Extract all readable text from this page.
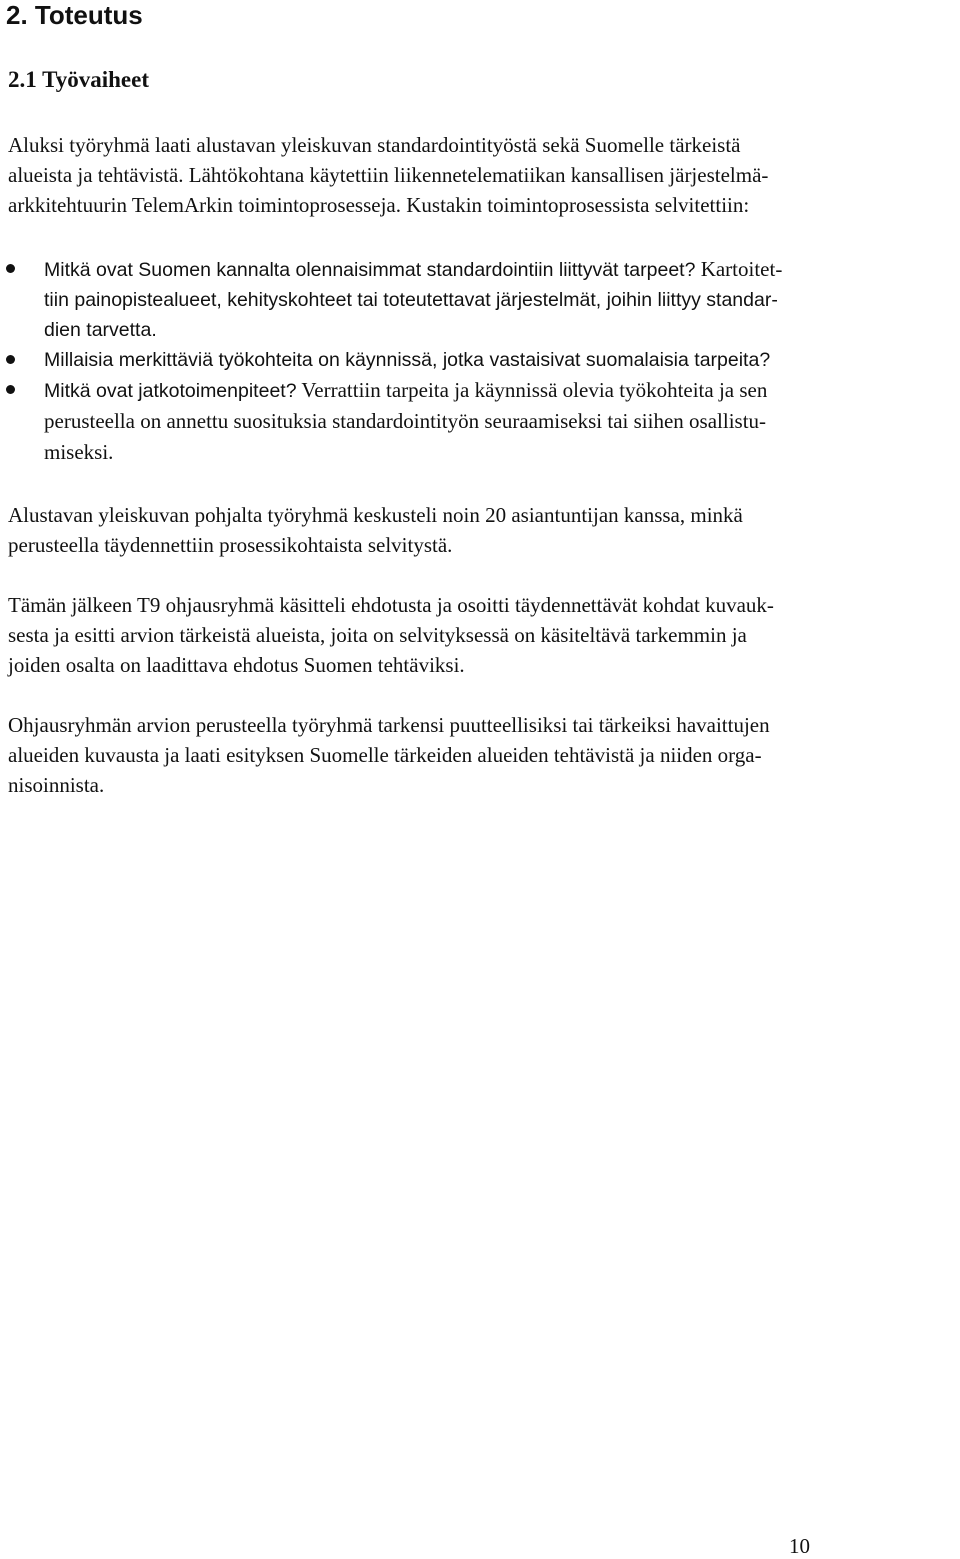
2. Toteutus
2.1 Työvaiheet

Aluksi työryhmä laati alustavan yleiskuvan standardointityöstä sekä Suomelle tärkeistä
alueista ja tehtävistä. Lähtökohtana käytettiin liikennetelematiikan kansallisen järjestelmä-
arkkitehtuurin TelemArkin toimintoprosesseja. Kustakin toimintoprosessista selvitettiin:

Mitkä ovat Suomen kannalta olennaisimmat standardointiin liittyvät tarpeet? Kartoitet-
tiin painopistealueet, kehityskohteet tai toteutettavat järjestelmät, joihin liittyy standar-
dien tarvetta.
Millaisia merkittäviä työkohteita on käynnissä, jotka vastaisivat suomalaisia tarpeita?
Mitkä ovat jatkotoimenpiteet? Verrattiin tarpeita ja käynnissä olevia työkohteita ja sen
perusteella on annettu suosituksia standardointityön seuraamiseksi tai siihen osallistu-
miseksi.

Alustavan yleiskuvan pohjalta työryhmä keskusteli noin 20 asiantuntijan kanssa, minkä
perusteella täydennettiin prosessikohtaista selvitystä.

Tämän jälkeen T9 ohjausryhmä käsitteli ehdotusta ja osoitti täydennettävät kohdat kuvauk-
sesta ja esitti arvion tärkeistä alueista, joita on selvityksessä on käsiteltävä tarkemmin ja
joiden osalta on laadittava ehdotus Suomen tehtäviksi.

Ohjausryhmän arvion perusteella työryhmä tarkensi puutteellisiksi tai tärkeiksi havaittujen
alueiden kuvausta ja laati esityksen Suomelle tärkeiden alueiden tehtävistä ja niiden orga-
nisoinnista.

10
